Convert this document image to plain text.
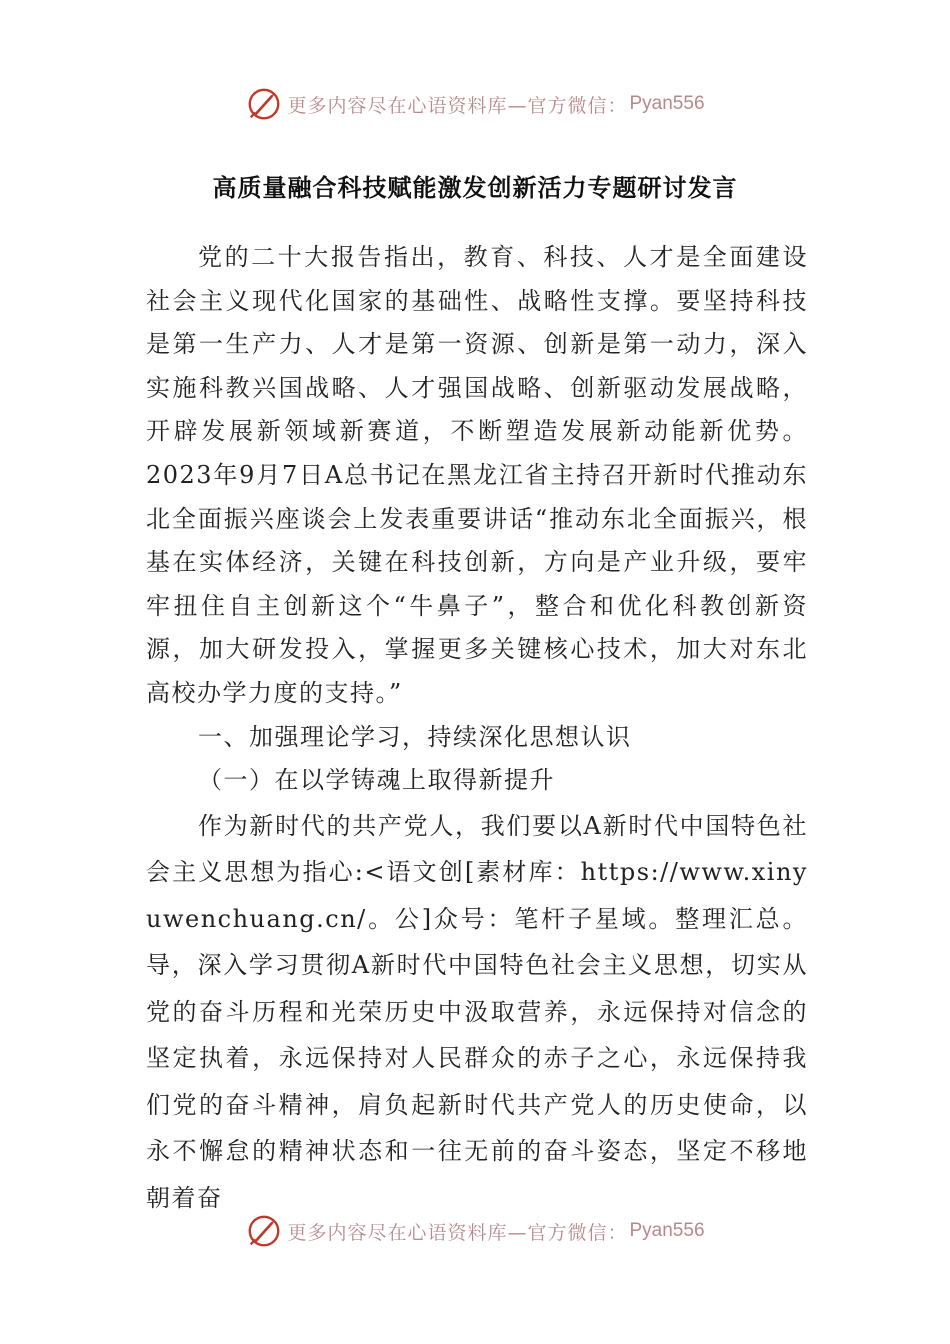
更多内容尽在心语资料库—官方微信： Pyan556
高质量融合科技赋能激发创新活力专题研讨发言

党的二十大报告指出，教育、科技、人才是全面建设社会主义现代化国家的基础性、战略性支撑。要坚持科技是第一生产力、人才是第一资源、创新是第一动力，深入实施科教兴国战略、人才强国战略、创新驱动发展战略，开辟发展新领域新赛道，不断塑造发展新动能新优势。2023年9月7日A总书记在黑龙江省主持召开新时代推动东北全面振兴座谈会上发表重要讲话“推动东北全面振兴，根基在实体经济，关键在科技创新，方向是产业升级，要牢牢扭住自主创新这个“牛鼻子”，整合和优化科教创新资源，加大研发投入，掌握更多关键核心技术，加大对东北高校办学力度的支持。”

一、加强理论学习，持续深化思想认识

（一）在以学铸魂上取得新提升

作为新时代的共产党人，我们要以A新时代中国特色社会主义思想为指心:<语文创[素材库：https://www.xinyuwenchuang.cn/。公]众号：笔杆子星域。整理汇总。导，深入学习贯彻A新时代中国特色社会主义思想，切实从党的奋斗历程和光荣历史中汲取营养，永远保持对信念的坚定执着，永远保持对人民群众的赤子之心，永远保持我们党的奋斗精神，肩负起新时代共产党人的历史使命，以永不懈怠的精神状态和一往无前的奋斗姿态，坚定不移地朝着奋

更多内容尽在心语资料库—官方微信： Pyan556
